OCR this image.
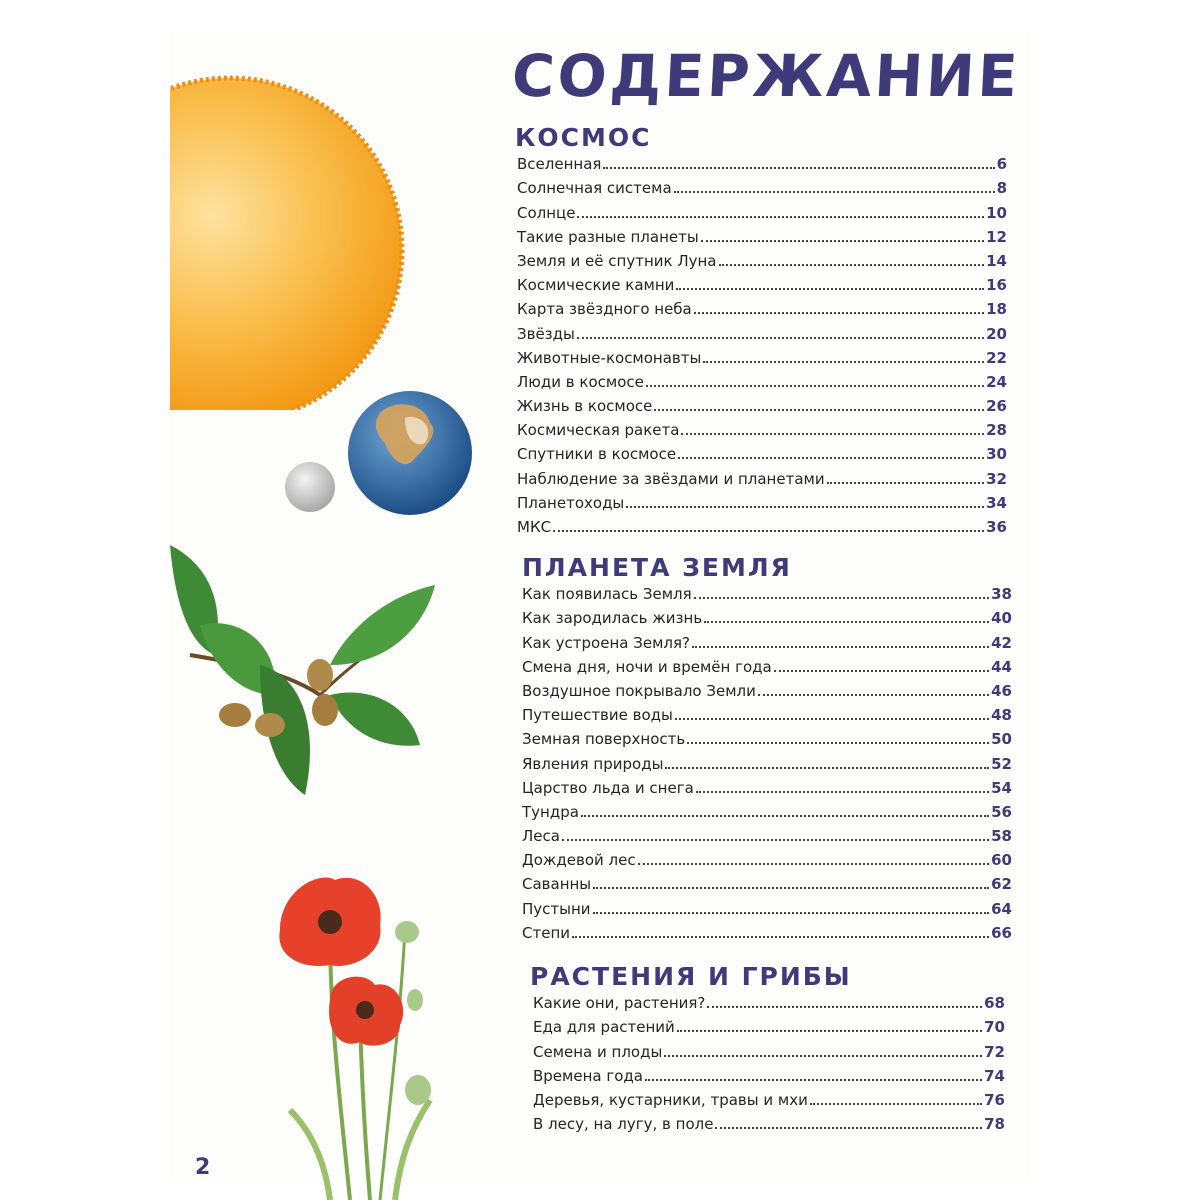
СОДЕРЖАНИЕ
КОСМОС
Вселенная	6
Солнечная система	8
Солнце	10
Такие разные планеты	12
Земля и её спутник Луна	14
Космические камни	16
Карта звёздного неба	18
Звёзды	20
Животные-космонавты	22
Люди в космосе	24
Жизнь в космосе	26
Космическая ракета	28
Спутники в космосе	30
Наблюдение за звёздами и планетами	32
Планетоходы	34
МКС	36
ПЛАНЕТА ЗЕМЛЯ
Как появилась Земля	38
Как зародилась жизнь	40
Как устроена Земля?	42
Смена дня, ночи и времён года	44
Воздушное покрывало Земли	46
Путешествие воды	48
Земная поверхность	50
Явления природы	52
Царство льда и снега	54
Тундра	56
Леса	58
Дождевой лес	60
Саванны	62
Пустыни	64
Степи	66
РАСТЕНИЯ И ГРИБЫ
Какие они, растения?	68
Еда для растений	70
Семена и плоды	72
Времена года	74
Деревья, кустарники, травы и мхи	76
В лесу, на лугу, в поле	78
2
